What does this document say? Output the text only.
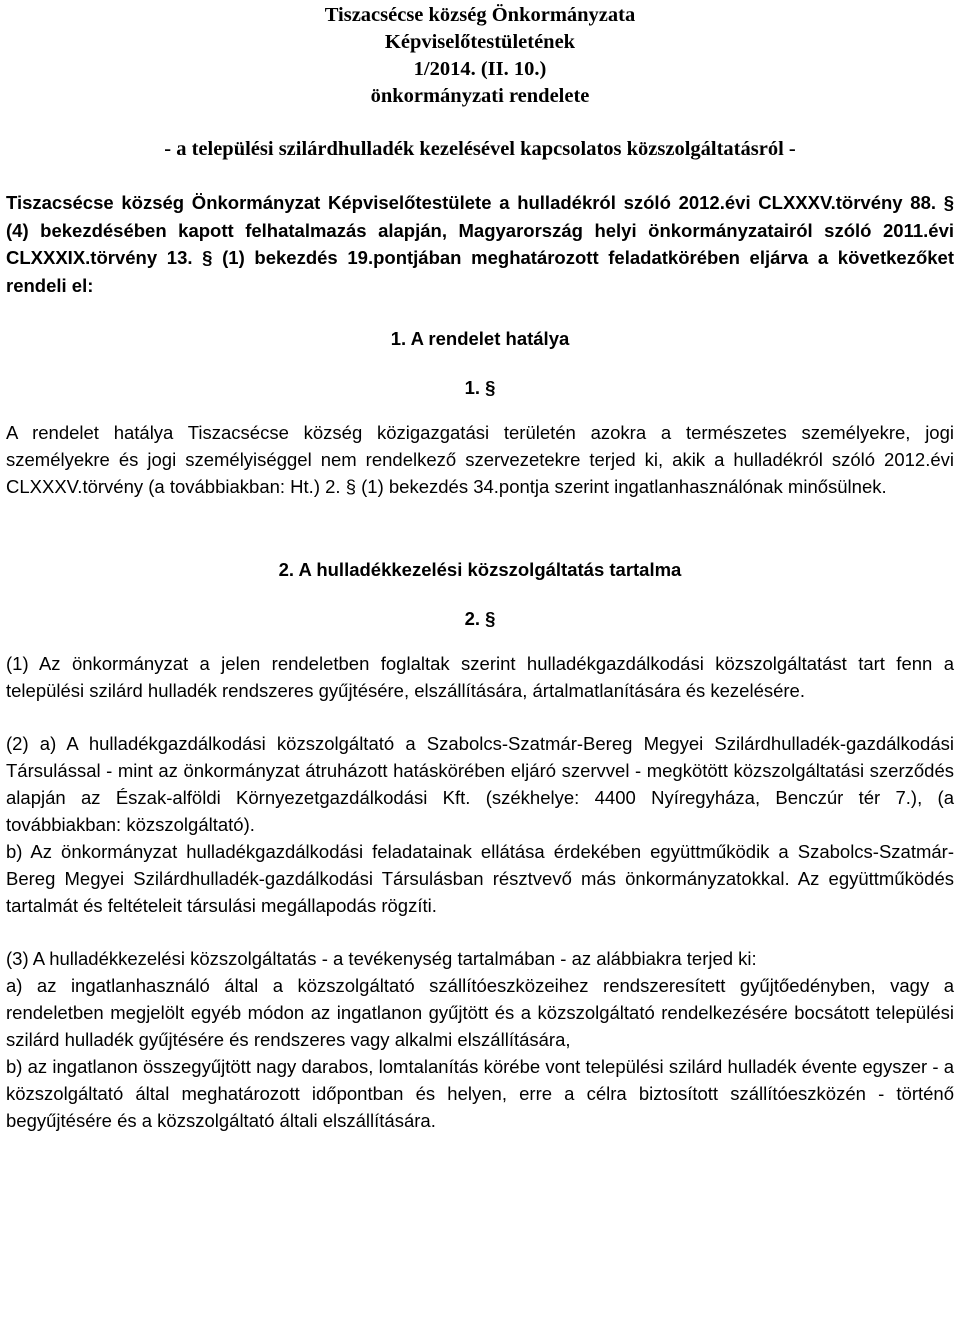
Tiszacsécse község Önkormányzata
Képviselőtestületének
1/2014. (II. 10.)
önkormányzati rendelete
- a települési szilárdhulladék kezelésével kapcsolatos közszolgáltatásról -

Tiszacsécse község Önkormányzat Képviselőtestülete a hulladékról szóló 2012.évi CLXXXV.törvény 88. § (4) bekezdésében kapott felhatalmazás alapján, Magyarország helyi önkormányzatairól szóló 2011.évi CLXXXIX.törvény 13. § (1) bekezdés 19.pontjában meghatározott feladatkörében eljárva a következőket rendeli el:

1. A rendelet hatálya
1. §

A rendelet hatálya Tiszacsécse község közigazgatási területén azokra a természetes személyekre, jogi személyekre és jogi személyiséggel nem rendelkező szervezetekre terjed ki, akik a hulladékról szóló 2012.évi CLXXXV.törvény (a továbbiakban: Ht.) 2. § (1) bekezdés 34.pontja szerint ingatlanhasználónak minősülnek.

2. A hulladékkezelési közszolgáltatás tartalma
2. §

(1) Az önkormányzat a jelen rendeletben foglaltak szerint hulladékgazdálkodási közszolgáltatást tart fenn a települési szilárd hulladék rendszeres gyűjtésére, elszállítására, ártalmatlanítására és kezelésére.

(2) a) A hulladékgazdálkodási közszolgáltató a Szabolcs-Szatmár-Bereg Megyei Szilárdhulladék-gazdálkodási Társulással - mint az önkormányzat átruházott hatáskörében eljáró szervvel - megkötött közszolgáltatási szerződés alapján az Észak-alföldi Környezetgazdálkodási Kft. (székhelye: 4400 Nyíregyháza, Benczúr tér 7.), (a továbbiakban: közszolgáltató).

b) Az önkormányzat hulladékgazdálkodási feladatainak ellátása érdekében együttműködik a Szabolcs-Szatmár-Bereg Megyei Szilárdhulladék-gazdálkodási Társulásban résztvevő más önkormányzatokkal. Az együttműködés tartalmát és feltételeit társulási megállapodás rögzíti.

(3) A hulladékkezelési közszolgáltatás - a tevékenység tartalmában - az alábbiakra terjed ki:

a) az ingatlanhasználó által a közszolgáltató szállítóeszközeihez rendszeresített gyűjtőedényben, vagy a rendeletben megjelölt egyéb módon az ingatlanon gyűjtött és a közszolgáltató rendelkezésére bocsátott települési szilárd hulladék gyűjtésére és rendszeres vagy alkalmi elszállítására,

b) az ingatlanon összegyűjtött nagy darabos, lomtalanítás körébe vont települési szilárd hulladék évente egyszer - a közszolgáltató által meghatározott időpontban és helyen, erre a célra biztosított szállítóeszközén - történő begyűjtésére és a közszolgáltató általi elszállítására.
